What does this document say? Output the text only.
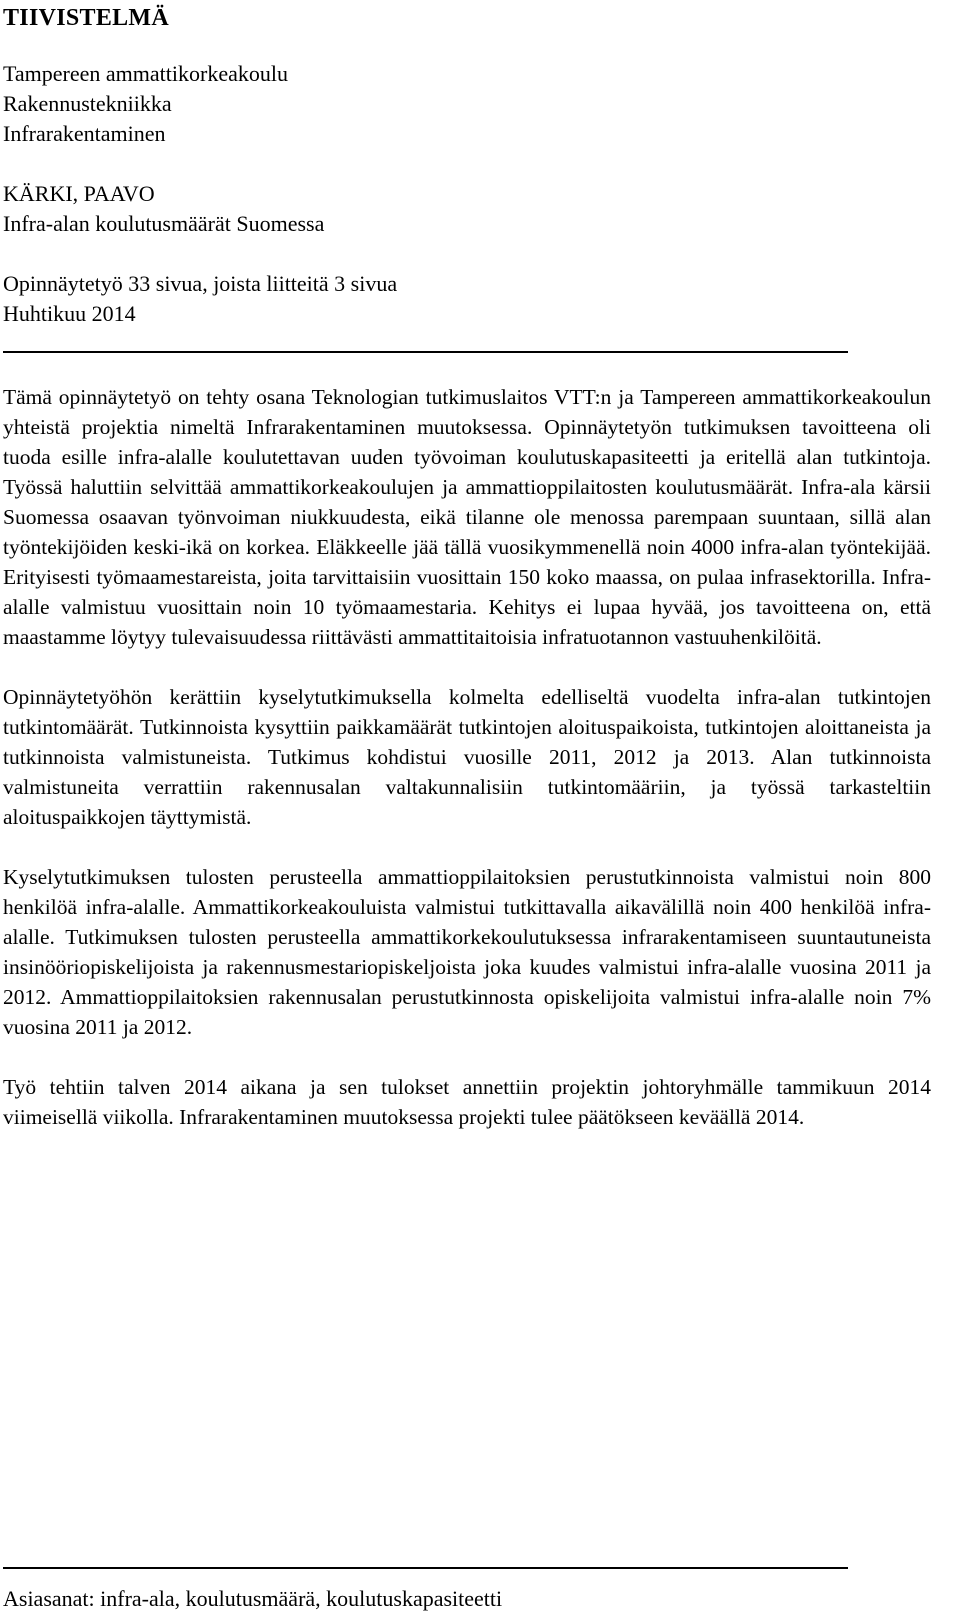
TIIVISTELMÄ
Tampereen ammattikorkeakoulu
Rakennustekniikka
Infrarakentaminen
KÄRKI, PAAVO
Infra-alan koulutusmäärät Suomessa
Opinnäytetyö 33 sivua, joista liitteitä 3 sivua
Huhtikuu 2014

Tämä opinnäytetyö on tehty osana Teknologian tutkimuslaitos VTT:n ja Tampereen ammattikorkeakoulun yhteistä projektia nimeltä Infrarakentaminen muutoksessa. Opinnäytetyön tutkimuksen tavoitteena oli tuoda esille infra-alalle koulutettavan uuden työvoiman koulutuskapasiteetti ja eritellä alan tutkintoja. Työssä haluttiin selvittää ammattikorkeakoulujen ja ammattioppilaitosten koulutusmäärät. Infra-ala kärsii Suomessa osaavan työnvoiman niukkuudesta, eikä tilanne ole menossa parempaan suuntaan, sillä alan työntekijöiden keski-ikä on korkea. Eläkkeelle jää tällä vuosikymmenellä noin 4000 infra-alan työntekijää. Erityisesti työmaamestareista, joita tarvittaisiin vuosittain 150 koko maassa, on pulaa infrasektorilla. Infra-alalle valmistuu vuosittain noin 10 työmaamestaria. Kehitys ei lupaa hyvää, jos tavoitteena on, että maastamme löytyy tulevaisuudessa riittävästi ammattitaitoisia infratuotannon vastuuhenkilöitä.

Opinnäytetyöhön kerättiin kyselytutkimuksella kolmelta edelliseltä vuodelta infra-alan tutkintojen tutkintomäärät. Tutkinnoista kysyttiin paikkamäärät tutkintojen aloituspaikoista, tutkintojen aloittaneista ja tutkinnoista valmistuneista. Tutkimus kohdistui vuosille 2011, 2012 ja 2013. Alan tutkinnoista valmistuneita verrattiin rakennusalan valtakunnalisiin tutkintomääriin, ja työssä tarkasteltiin aloituspaikkojen täyttymistä.

Kyselytutkimuksen tulosten perusteella ammattioppilaitoksien perustutkinnoista valmistui noin 800 henkilöä infra-alalle. Ammattikorkeakouluista valmistui tutkittavalla aikavälillä noin 400 henkilöä infra-alalle. Tutkimuksen tulosten perusteella ammattikorkekoulutuksessa infrarakentamiseen suuntautuneista insinööriopiskelijoista ja rakennusmestariopiskeljoista joka kuudes valmistui infra-alalle vuosina 2011 ja 2012. Ammattioppilaitoksien rakennusalan perustutkinnosta opiskelijoita valmistui infra-alalle noin 7% vuosina 2011 ja 2012.

Työ tehtiin talven 2014 aikana ja sen tulokset annettiin projektin johtoryhmälle tammikuun 2014 viimeisellä viikolla. Infrarakentaminen muutoksessa projekti tulee päätökseen keväällä 2014.

Asiasanat: infra-ala, koulutusmäärä, koulutuskapasiteetti
